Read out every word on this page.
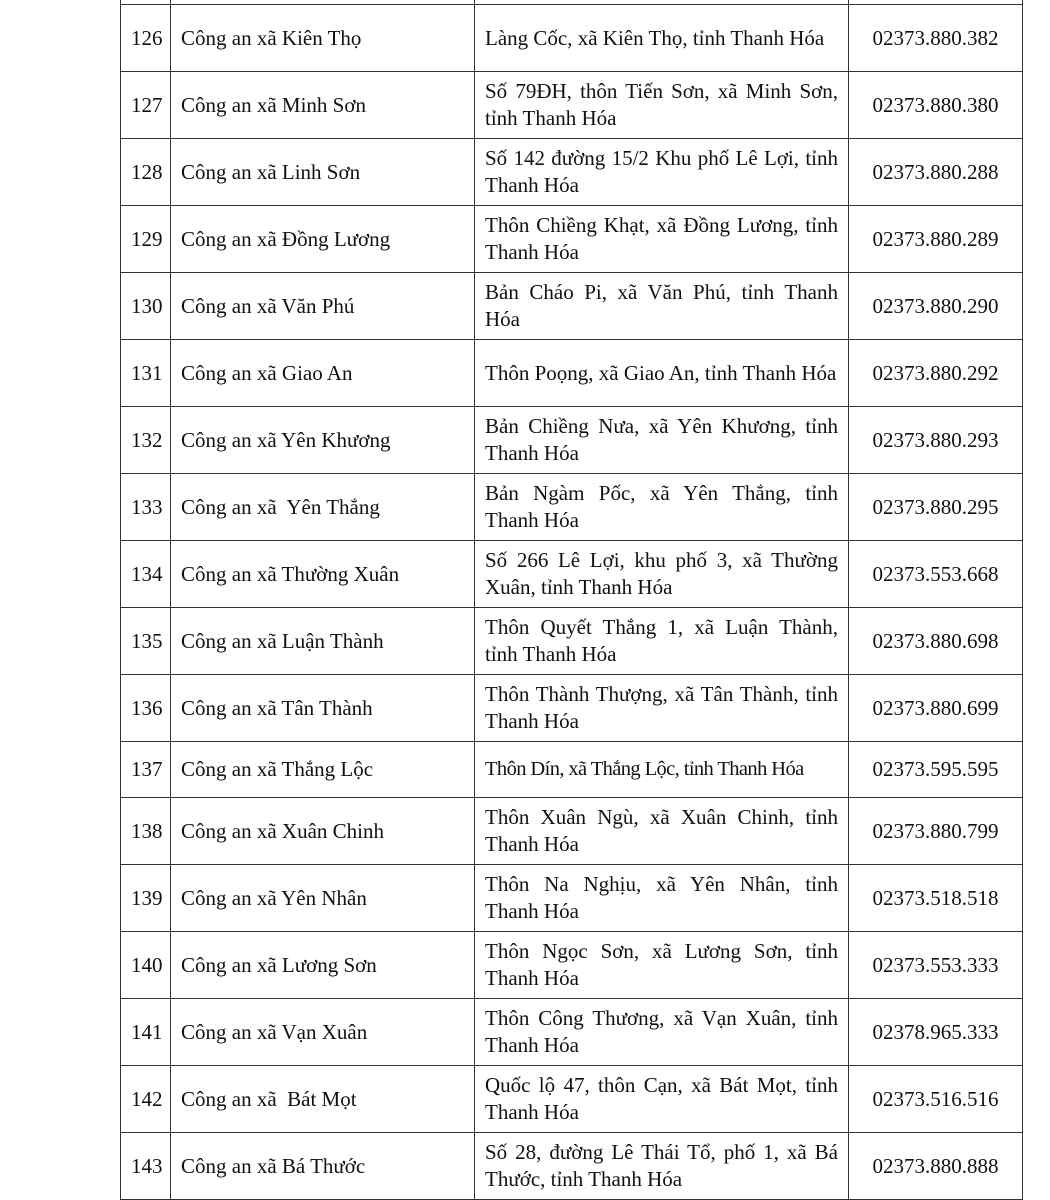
126	Công an xã Kiên Thọ	Làng Cốc, xã Kiên Thọ, tỉnh Thanh Hóa	02373.880.382
127	Công an xã Minh Sơn	Số 79ĐH, thôn Tiến Sơn, xã Minh Sơn, tỉnh Thanh Hóa	02373.880.380
128	Công an xã Linh Sơn	Số 142 đường 15/2 Khu phố Lê Lợi, tỉnh Thanh Hóa	02373.880.288
129	Công an xã Đồng Lương	Thôn Chiềng Khạt, xã Đồng Lương, tỉnh Thanh Hóa	02373.880.289
130	Công an xã Văn Phú	Bản Cháo Pi, xã Văn Phú, tỉnh Thanh Hóa	02373.880.290
131	Công an xã Giao An	Thôn Poọng, xã Giao An, tỉnh Thanh Hóa	02373.880.292
132	Công an xã Yên Khương	Bản Chiềng Nưa, xã Yên Khương, tỉnh Thanh Hóa	02373.880.293
133	Công an xã  Yên Thắng	Bản Ngàm Pốc, xã Yên Thắng, tỉnh Thanh Hóa	02373.880.295
134	Công an xã Thường Xuân	Số 266 Lê Lợi, khu phố 3, xã Thường Xuân, tỉnh Thanh Hóa	02373.553.668
135	Công an xã Luận Thành	Thôn Quyết Thắng 1, xã Luận Thành, tỉnh Thanh Hóa	02373.880.698
136	Công an xã Tân Thành	Thôn Thành Thượng, xã Tân Thành, tỉnh Thanh Hóa	02373.880.699
137	Công an xã Thắng Lộc	Thôn Dín, xã Thắng Lộc, tỉnh Thanh Hóa	02373.595.595
138	Công an xã Xuân Chinh	Thôn Xuân Ngù, xã Xuân Chinh, tỉnh Thanh Hóa	02373.880.799
139	Công an xã Yên Nhân	Thôn Na Nghịu, xã Yên Nhân, tỉnh Thanh Hóa	02373.518.518
140	Công an xã Lương Sơn	Thôn Ngọc Sơn, xã Lương Sơn, tỉnh Thanh Hóa	02373.553.333
141	Công an xã Vạn Xuân	Thôn Công Thương, xã Vạn Xuân, tỉnh Thanh Hóa	02378.965.333
142	Công an xã  Bát Mọt	Quốc lộ 47, thôn Cạn, xã Bát Mọt, tỉnh Thanh Hóa	02373.516.516
143	Công an xã Bá Thước	Số 28, đường Lê Thái Tổ, phố 1, xã Bá Thước, tỉnh Thanh Hóa	02373.880.888
